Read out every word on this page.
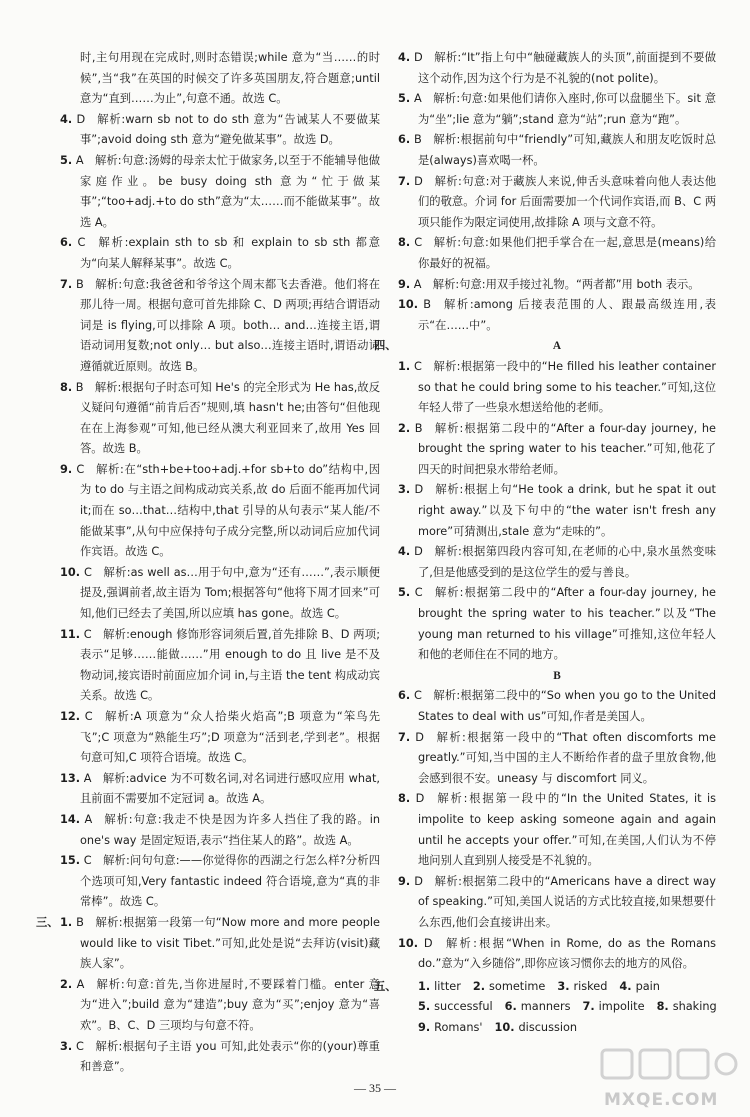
时,主句用现在完成时,则时态错误;while 意为“当……的时候”,当“我”在英国的时候交了许多英国朋友,符合题意;until 意为“直到……为止”,句意不通。故选 C。

4. D  解析:warn sb not to do sth 意为“告诫某人不要做某事”;avoid doing sth 意为“避免做某事”。故选 D。

5. A  解析:句意:汤姆的母亲太忙于做家务,以至于不能辅导他做家庭作业。be busy doing sth 意为“忙于做某事”;“too+adj.+to do sth”意为“太……而不能做某事”。故选 A。

6. C  解析:explain sth to sb 和 explain to sb sth 都意为“向某人解释某事”。故选 C。

7. B  解析:句意:我爸爸和爷爷这个周末都飞去香港。他们将在那儿待一周。根据句意可首先排除 C、D 两项;再结合谓语动词是 is flying,可以排除 A 项。both… and…连接主语,谓语动词用复数;not only… but also…连接主语时,谓语动词遵循就近原则。故选 B。

8. B  解析:根据句子时态可知 He's 的完全形式为 He has,故反义疑问句遵循“前肯后否”规则,填 hasn't he;由答句“但他现在在上海参观”可知,他已经从澳大利亚回来了,故用 Yes 回答。故选 B。

9. C  解析:在“sth+be+too+adj.+for sb+to do”结构中,因为 to do 与主语之间构成动宾关系,故 do 后面不能再加代词 it;而在 so…that…结构中,that 引导的从句表示“某人能/不能做某事”,从句中应保持句子成分完整,所以动词后应加代词作宾语。故选 C。

10. C  解析:as well as…用于句中,意为“还有……”,表示顺便提及,强调前者,故主语为 Tom;根据答句“他将下周才回来”可知,他们已经去了美国,所以应填 has gone。故选 C。

11. C  解析:enough 修饰形容词须后置,首先排除 B、D 两项;表示“足够……能做……”用 enough to do 且 live 是不及物动词,接宾语时前面应加介词 in,与主语 the tent 构成动宾关系。故选 C。

12. C  解析:A 项意为“众人拾柴火焰高”;B 项意为“笨鸟先飞”;C 项意为“熟能生巧”;D 项意为“活到老,学到老”。根据句意可知,C 项符合语境。故选 C。

13. A  解析:advice 为不可数名词,对名词进行感叹应用 what,且前面不需要加不定冠词 a。故选 A。

14. A  解析:句意:我走不快是因为许多人挡住了我的路。in one's way 是固定短语,表示“挡住某人的路”。故选 A。

15. C  解析:问句句意:——你觉得你的西湖之行怎么样?分析四个选项可知,Very fantastic indeed 符合语境,意为“真的非常棒”。故选 C。

三、 1. B  解析:根据第一段第一句“Now more and more people would like to visit Tibet.”可知,此处是说“去拜访(visit)藏族人家”。

2. A  解析:句意:首先,当你进屋时,不要踩着门槛。enter 意为“进入”;build 意为“建造”;buy 意为“买”;enjoy 意为“喜欢”。B、C、D 三项均与句意不符。

3. C  解析:根据句子主语 you 可知,此处表示“你的(your)尊重和善意”。

4. D  解析:“It”指上句中“触碰藏族人的头顶”,前面提到不要做这个动作,因为这个行为是不礼貌的(not polite)。

5. A  解析:句意:如果他们请你入座时,你可以盘腿坐下。sit 意为“坐”;lie 意为“躺”;stand 意为“站”;run 意为“跑”。

6. B  解析:根据前句中“friendly”可知,藏族人和朋友吃饭时总是(always)喜欢喝一杯。

7. D  解析:句意:对于藏族人来说,伸舌头意味着向他人表达他们的敬意。介词 for 后面需要加一个代词作宾语,而 B、C 两项只能作为限定词使用,故排除 A 项与文意不符。

8. C  解析:句意:如果他们把手掌合在一起,意思是(means)给你最好的祝福。

9. A  解析:句意:用双手接过礼物。“两者都”用 both 表示。

10. B  解析:among 后接表范围的人、跟最高级连用,表示“在……中”。

四、	A

1. C  解析:根据第一段中的“He filled his leather container so that he could bring some to his teacher.”可知,这位年轻人带了一些泉水想送给他的老师。

2. B  解析:根据第二段中的“After a four-day journey, he brought the spring water to his teacher.”可知,他花了四天的时间把泉水带给老师。

3. D  解析:根据上句“He took a drink, but he spat it out right away.”以及下句中的“the water isn't fresh any more”可猜测出,stale 意为“走味的”。

4. D  解析:根据第四段内容可知,在老师的心中,泉水虽然变味了,但是他感受到的是这位学生的爱与善良。

5. C  解析:根据第二段中的“After a four-day journey, he brought the spring water to his teacher.”以及“The young man returned to his village”可推知,这位年轻人和他的老师住在不同的地方。

B

6. C  解析:根据第二段中的“So when you go to the United States to deal with us”可知,作者是美国人。

7. D  解析:根据第一段中的“That often discomforts me greatly.”可知,当中国的主人不断给作者的盘子里放食物,他会感到很不安。uneasy 与 discomfort 同义。

8. D  解析:根据第一段中的“In the United States, it is impolite to keep asking someone again and again until he accepts your offer.”可知,在美国,人们认为不停地问别人直到别人接受是不礼貌的。

9. D  解析:根据第二段中的“Americans have a direct way of speaking.”可知,美国人说话的方式比较直接,如果想要什么东西,他们会直接讲出来。

10. D  解析:根据“When in Rome, do as the Romans do.”意为“入乡随俗”,即你应该习惯你去的地方的风俗。

五、	1. litter 2. sometime 3. risked 4. pain
5. successful 6. manners 7. impolite 8. shaking
9. Romans' 10. discussion
— 35 —
MXQE.COM
